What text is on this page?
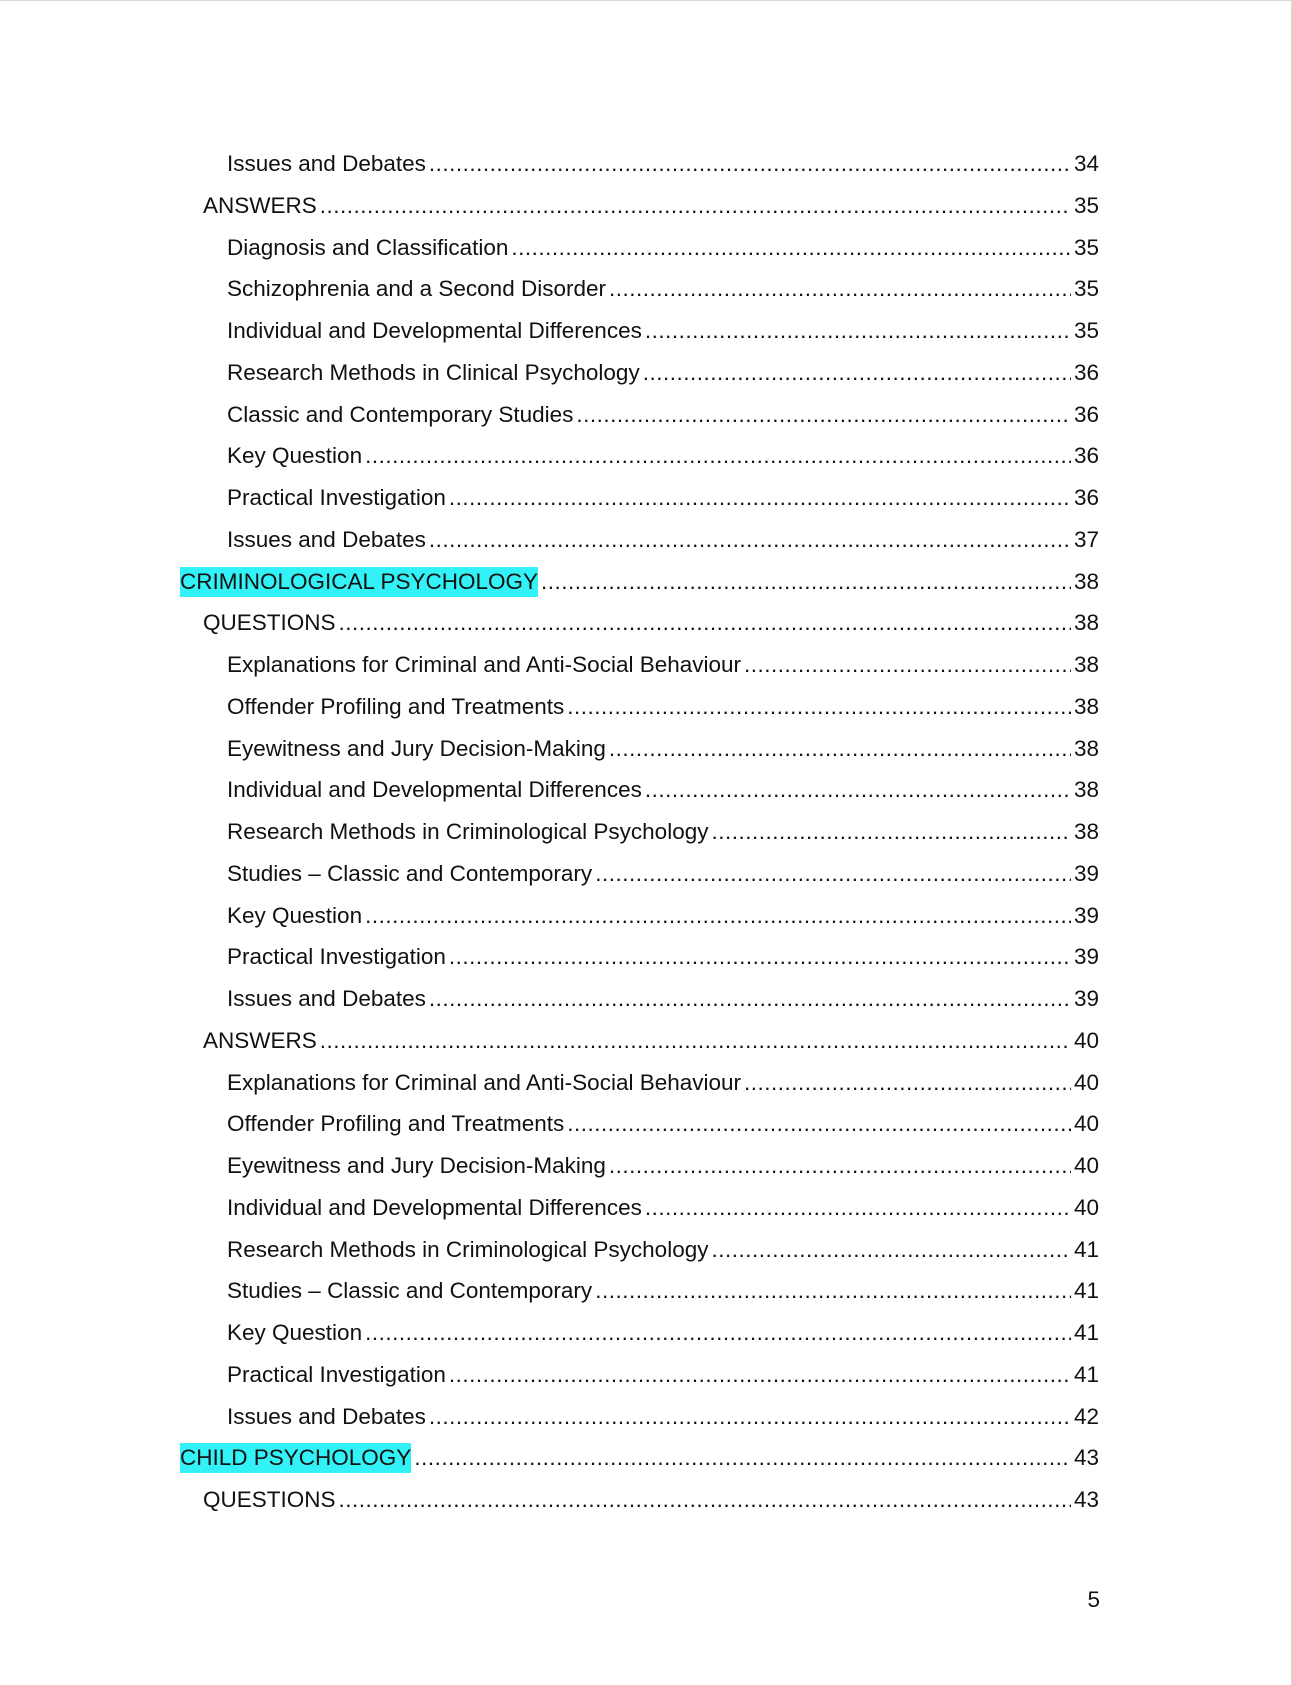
Issues and Debates .....	34
ANSWERS .....	35
Diagnosis and Classification .....	35
Schizophrenia and a Second Disorder .....	35
Individual and Developmental Differences .....	35
Research Methods in Clinical Psychology .....	36
Classic and Contemporary Studies .....	36
Key Question .....	36
Practical Investigation .....	36
Issues and Debates .....	37
CRIMINOLOGICAL PSYCHOLOGY .....	38
QUESTIONS .....	38
Explanations for Criminal and Anti-Social Behaviour .....	38
Offender Profiling and Treatments .....	38
Eyewitness and Jury Decision-Making .....	38
Individual and Developmental Differences .....	38
Research Methods in Criminological Psychology .....	38
Studies – Classic and Contemporary .....	39
Key Question .....	39
Practical Investigation .....	39
Issues and Debates .....	39
ANSWERS .....	40
Explanations for Criminal and Anti-Social Behaviour .....	40
Offender Profiling and Treatments .....	40
Eyewitness and Jury Decision-Making .....	40
Individual and Developmental Differences .....	40
Research Methods in Criminological Psychology .....	41
Studies – Classic and Contemporary .....	41
Key Question .....	41
Practical Investigation .....	41
Issues and Debates .....	42
CHILD PSYCHOLOGY .....	43
QUESTIONS .....	43
5
